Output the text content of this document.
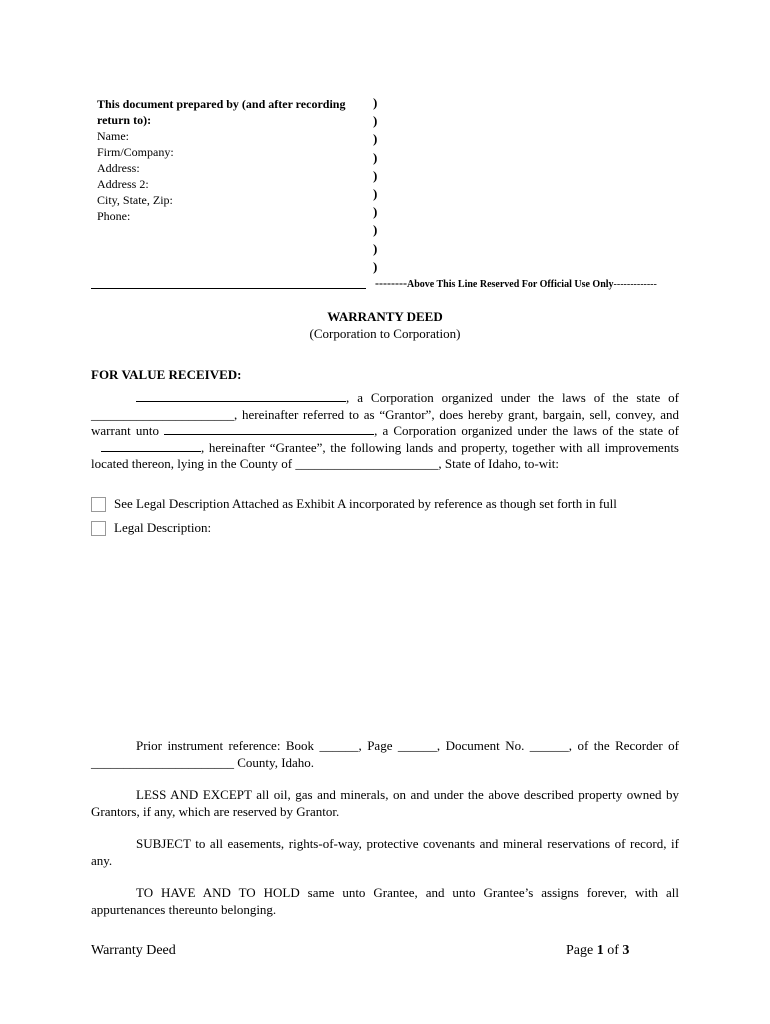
This document prepared by (and after recording return to):
Name:
Firm/Company:
Address:
Address 2:
City, State, Zip:
Phone:
)
)
)
)
)
)
)
)
)
)
--------Above This Line Reserved For Official Use Only-------------
WARRANTY DEED
(Corporation to Corporation)
FOR VALUE RECEIVED:
, a Corporation organized under the laws of the state of ______________________, hereinafter referred to as “Grantor”, does hereby grant, bargain, sell, convey, and warrant unto	, a Corporation organized under the laws of the state of , hereinafter “Grantee”, the following lands and property, together with all improvements located thereon, lying in the County of ______________________, State of Idaho, to-wit:
See Legal Description Attached as Exhibit A incorporated by reference as though set forth in full
Legal Description:
Prior instrument reference: Book ______, Page ______, Document No. ______, of the Recorder of ______________________ County, Idaho.
LESS AND EXCEPT all oil, gas and minerals, on and under the above described property owned by Grantors, if any, which are reserved by Grantor.
SUBJECT to all easements, rights-of-way, protective covenants and mineral reservations of record, if any.
TO HAVE AND TO HOLD same unto Grantee, and unto Grantee’s assigns forever, with all appurtenances thereunto belonging.
Warranty Deed	Page 1 of 3
